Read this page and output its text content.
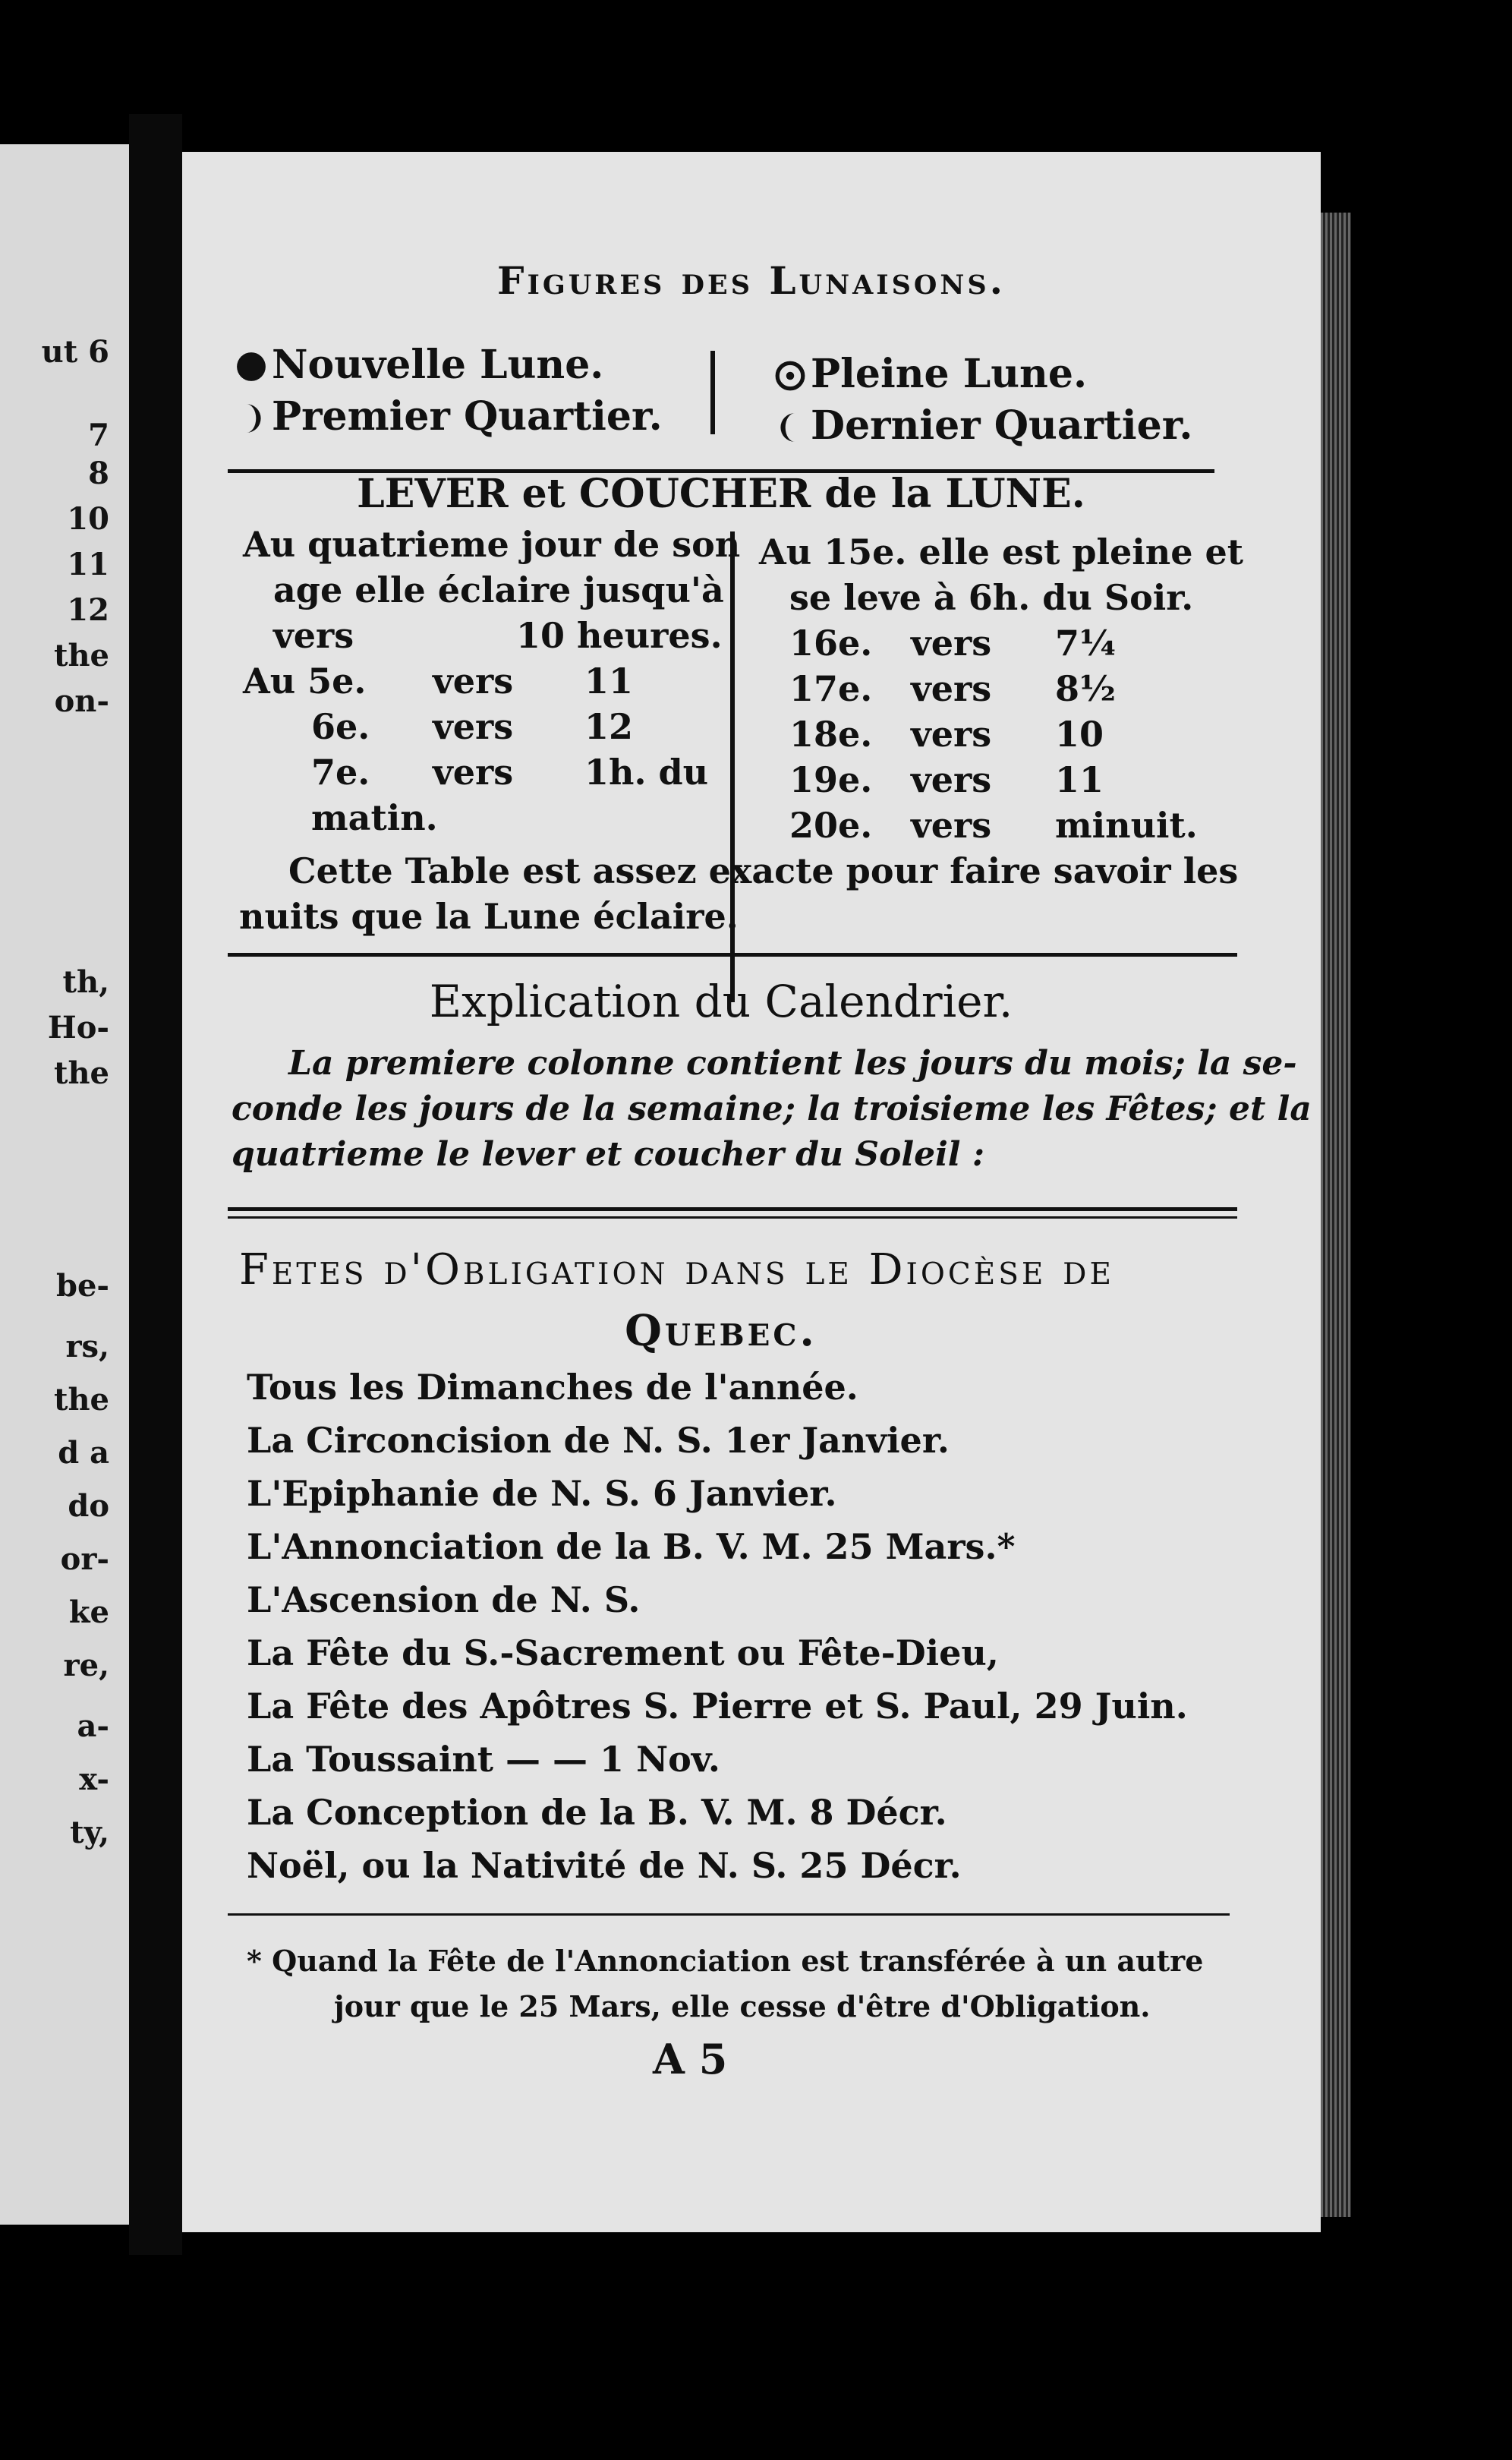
ut 6
7
8
10
11
12
the
on-
th,
Ho-
the
be-
rs,
the
d a
do
or-
ke
re,
a-
x-
ty,
Figures des Lunaisons.
Nouvelle Lune.
Premier Quartier.
Pleine Lune.
Dernier Quartier.
LEVER et COUCHER de la LUNE.
Au quatrieme jour de son
age elle éclaire jusqu'à
vers	10 heures.
Au 5e. vers 11
6e. vers 12
7e. vers 1h. du
matin.
Au 15e. elle est pleine et
se leve à 6h. du Soir.
16e. vers 7¼
17e. vers 8½
18e. vers 10
19e. vers 11
20e. vers minuit.
Cette Table est assez exacte pour faire savoir les
nuits que la Lune éclaire.
Explication du Calendrier.
La premiere colonne contient les jours du mois; la se-
conde les jours de la semaine; la troisieme les Fêtes; et la
quatrieme le lever et coucher du Soleil :
Fetes d'Obligation dans le Diocèse de
Quebec.
Tous les Dimanches de l'année.
La Circoncision de N. S. 1er Janvier.
L'Epiphanie de N. S. 6 Janvier.
L'Annonciation de la B. V. M. 25 Mars.*
L'Ascension de N. S.
La Fête du S.-Sacrement ou Fête-Dieu,
La Fête des Apôtres S. Pierre et S. Paul, 29 Juin.
La Toussaint — — 1 Nov.
La Conception de la B. V. M. 8 Décr.
Noël, ou la Nativité de N. S. 25 Décr.
* Quand la Fête de l'Annonciation est transférée à un autre
jour que le 25 Mars, elle cesse d'être d'Obligation.
A 5
